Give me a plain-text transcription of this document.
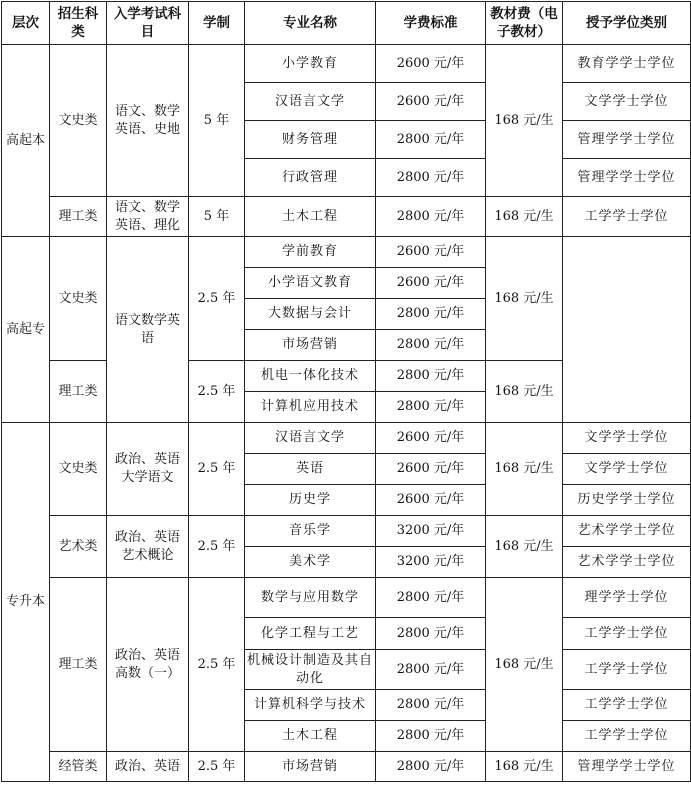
层次	招生科类	入学考试科目	学制	专业名称	学费标准	教材费（电子教材）	授予学位类别
高起本	文史类	语文、数学英语、史地	5 年	小学教育	2600 元/年	168 元/生	教育学学士学位
				汉语言文学	2600 元/年		文学学士学位
				财务管理	2800 元/年		管理学学士学位
				行政管理	2800 元/年		管理学学士学位
	理工类	语文、数学英语、理化	5 年	土木工程	2800 元/年	168 元/生	工学学士学位
高起专	文史类	语文数学英语	2.5 年	学前教育	2600 元/年	168 元/生	
				小学语文教育	2600 元/年		
				大数据与会计	2800 元/年		
				市场营销	2800 元/年		
	理工类		2.5 年	机电一体化技术	2800 元/年	168 元/生	
				计算机应用技术	2800 元/年		
专升本	文史类	政治、英语大学语文	2.5 年	汉语言文学	2600 元/年	168 元/生	文学学士学位
				英语	2600 元/年		文学学士学位
				历史学	2600 元/年		历史学学士学位
	艺术类	政治、英语艺术概论	2.5 年	音乐学	3200 元/年	168 元/生	艺术学学士学位
				美术学	3200 元/年		艺术学学士学位
	理工类	政治、英语高数（一）	2.5 年	数学与应用数学	2800 元/年	168 元/生	理学学士学位
				化学工程与工艺	2800 元/年		工学学士学位
				机械设计制造及其自动化	2800 元/年		工学学士学位
				计算机科学与技术	2800 元/年		工学学士学位
				土木工程	2800 元/年		工学学士学位
	经管类	政治、英语	2.5 年	市场营销	2800 元/年	168 元/生	管理学学士学位
